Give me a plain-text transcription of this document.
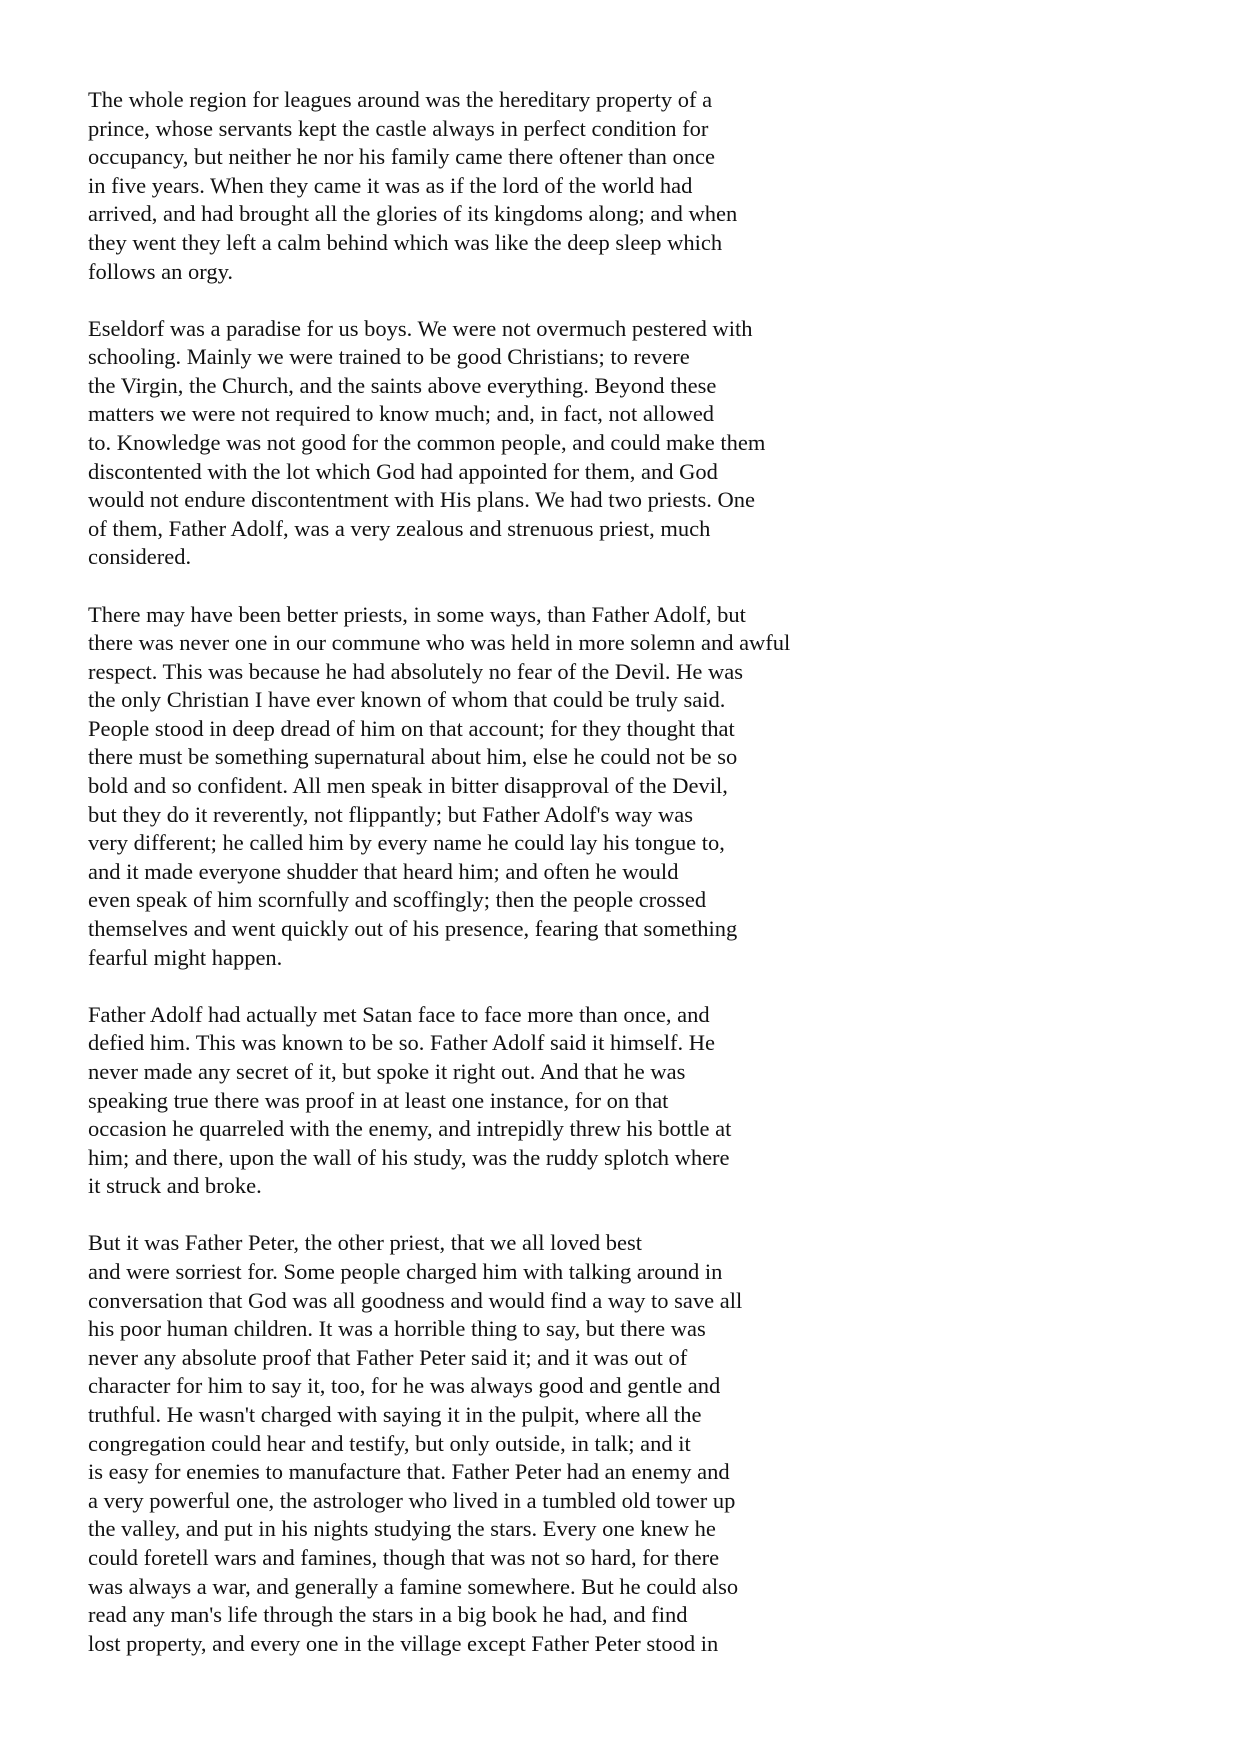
The whole region for leagues around was the hereditary property of a
prince, whose servants kept the castle always in perfect condition for
occupancy, but neither he nor his family came there oftener than once
in five years. When they came it was as if the lord of the world had
arrived, and had brought all the glories of its kingdoms along; and when
they went they left a calm behind which was like the deep sleep which
follows an orgy.
Eseldorf was a paradise for us boys. We were not overmuch pestered with
schooling. Mainly we were trained to be good Christians; to revere
the Virgin, the Church, and the saints above everything. Beyond these
matters we were not required to know much; and, in fact, not allowed
to. Knowledge was not good for the common people, and could make them
discontented with the lot which God had appointed for them, and God
would not endure discontentment with His plans. We had two priests. One
of them, Father Adolf, was a very zealous and strenuous priest, much
considered.
There may have been better priests, in some ways, than Father Adolf, but
there was never one in our commune who was held in more solemn and awful
respect. This was because he had absolutely no fear of the Devil. He was
the only Christian I have ever known of whom that could be truly said.
People stood in deep dread of him on that account; for they thought that
there must be something supernatural about him, else he could not be so
bold and so confident. All men speak in bitter disapproval of the Devil,
but they do it reverently, not flippantly; but Father Adolf's way was
very different; he called him by every name he could lay his tongue to,
and it made everyone shudder that heard him; and often he would
even speak of him scornfully and scoffingly; then the people crossed
themselves and went quickly out of his presence, fearing that something
fearful might happen.
Father Adolf had actually met Satan face to face more than once, and
defied him. This was known to be so. Father Adolf said it himself. He
never made any secret of it, but spoke it right out. And that he was
speaking true there was proof in at least one instance, for on that
occasion he quarreled with the enemy, and intrepidly threw his bottle at
him; and there, upon the wall of his study, was the ruddy splotch where
it struck and broke.
But it was Father Peter, the other priest, that we all loved best
and were sorriest for. Some people charged him with talking around in
conversation that God was all goodness and would find a way to save all
his poor human children. It was a horrible thing to say, but there was
never any absolute proof that Father Peter said it; and it was out of
character for him to say it, too, for he was always good and gentle and
truthful. He wasn't charged with saying it in the pulpit, where all the
congregation could hear and testify, but only outside, in talk; and it
is easy for enemies to manufacture that. Father Peter had an enemy and
a very powerful one, the astrologer who lived in a tumbled old tower up
the valley, and put in his nights studying the stars. Every one knew he
could foretell wars and famines, though that was not so hard, for there
was always a war, and generally a famine somewhere. But he could also
read any man's life through the stars in a big book he had, and find
lost property, and every one in the village except Father Peter stood in
